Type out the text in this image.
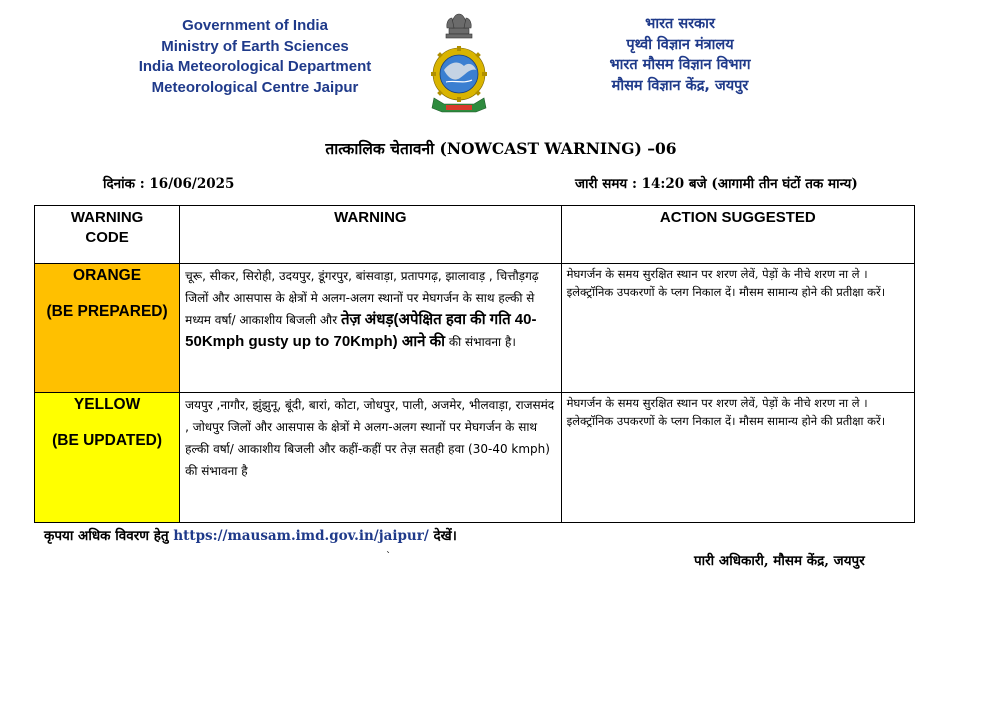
Government of India
Ministry of Earth Sciences
India Meteorological Department
Meteorological Centre Jaipur
भारत सरकार
पृथ्वी विज्ञान मंत्रालय
भारत मौसम विज्ञान विभाग
मौसम विज्ञान केंद्र, जयपुर
तात्कालिक चेतावनी (NOWCAST WARNING) –06
दिनांक : 16/06/2025	जारी समय : 14:20 बजे (आगामी तीन घंटों तक मान्य)
WARNING
CODE	WARNING	ACTION SUGGESTED

ORANGE
(BE PREPARED)	चूरू, सीकर, सिरोही, उदयपुर, डूंगरपुर, बांसवाड़ा, प्रतापगढ़, झालावाड़ , चित्तौड़गढ़ जिलों और आसपास के क्षेत्रों मे अलग-अलग स्थानों पर मेघगर्जन के साथ हल्की से मध्यम वर्षा/ आकाशीय बिजली और तेज़ अंधड़(अपेक्षित हवा की गति 40-50Kmph gusty up to 70Kmph) आने की की संभावना है।	मेघगर्जन के समय सुरक्षित स्थान पर शरण लेवें, पेड़ों के नीचे शरण ना ले । इलेक्ट्रॉनिक उपकरणों के प्लग निकाल दें। मौसम सामान्य होने की प्रतीक्षा करें।

YELLOW
(BE UPDATED)	जयपुर ,नागौर, झुंझुनू, बूंदी, बारां, कोटा, जोधपुर, पाली, अजमेर, भीलवाड़ा, राजसमंद , जोधपुर जिलों और आसपास के क्षेत्रों मे अलग-अलग स्थानों पर मेघगर्जन के साथ हल्की वर्षा/ आकाशीय बिजली और कहीं-कहीं पर तेज़ सतही हवा (30-40 kmph) की संभावना है	मेघगर्जन के समय सुरक्षित स्थान पर शरण लेवें, पेड़ों के नीचे शरण ना ले । इलेक्ट्रॉनिक उपकरणों के प्लग निकाल दें। मौसम सामान्य होने की प्रतीक्षा करें।
कृपया अधिक विवरण हेतु https://mausam.imd.gov.in/jaipur/ देखें।
`	पारी अधिकारी, मौसम केंद्र, जयपुर
